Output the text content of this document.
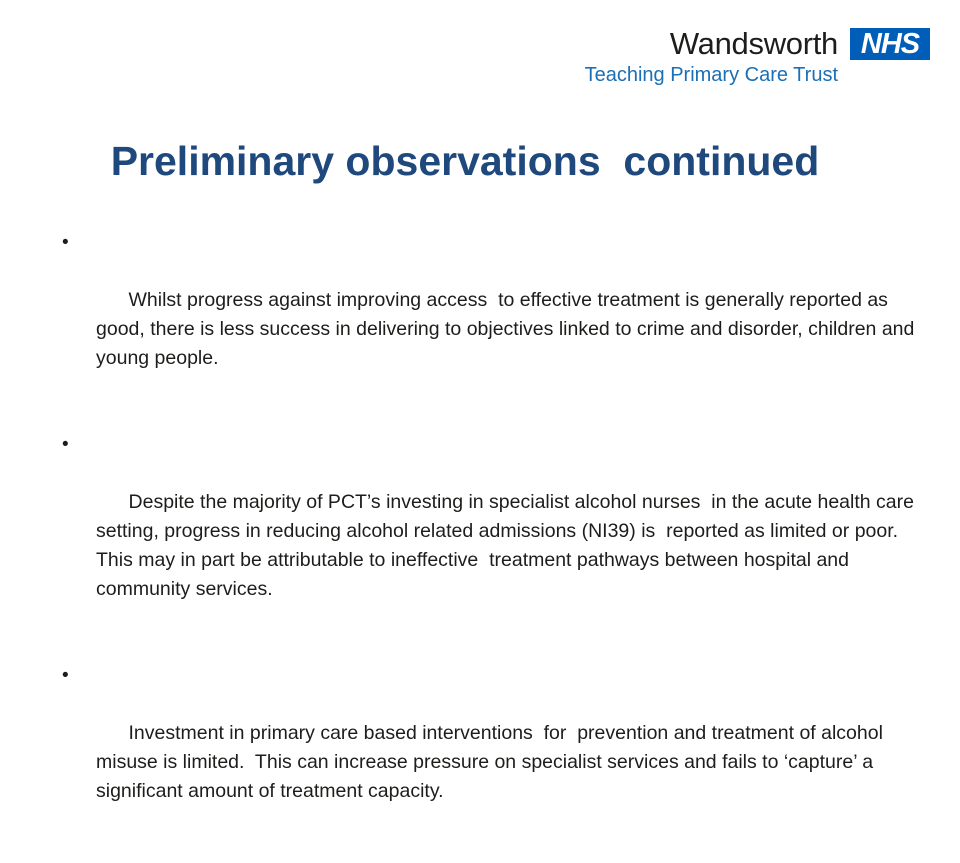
Wandsworth NHS
Teaching Primary Care Trust
Preliminary observations  continued

•

Whilst progress against improving access  to effective treatment is generally reported as good, there is less success in delivering to objectives linked to crime and disorder, children and young people.

•

Despite the majority of PCT’s investing in specialist alcohol nurses  in the acute health care setting, progress in reducing alcohol related admissions (NI39) is  reported as limited or poor. This may in part be attributable to ineffective  treatment pathways between hospital and community services.

•

Investment in primary care based interventions  for  prevention and treatment of alcohol misuse is limited.  This can increase pressure on specialist services and fails to ‘capture’ a significant amount of treatment capacity.
